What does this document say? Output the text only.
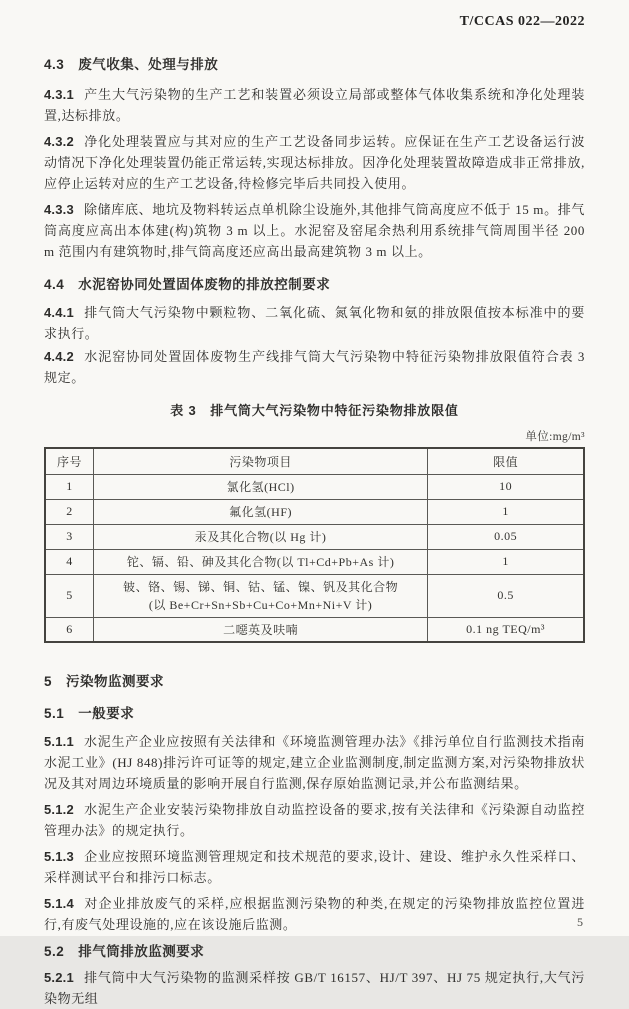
T/CCAS 022—2022
4.3 废气收集、处理与排放
4.3.1 产生大气污染物的生产工艺和装置必须设立局部或整体气体收集系统和净化处理装置,达标排放。
4.3.2 净化处理装置应与其对应的生产工艺设备同步运转。应保证在生产工艺设备运行波动情况下净化处理装置仍能正常运转,实现达标排放。因净化处理装置故障造成非正常排放,应停止运转对应的生产工艺设备,待检修完毕后共同投入使用。
4.3.3 除储库底、地坑及物料转运点单机除尘设施外,其他排气筒高度应不低于 15 m。排气筒高度应高出本体建(构)筑物 3 m 以上。水泥窑及窑尾余热利用系统排气筒周围半径 200 m 范围内有建筑物时,排气筒高度还应高出最高建筑物 3 m 以上。
4.4 水泥窑协同处置固体废物的排放控制要求
4.4.1 排气筒大气污染物中颗粒物、二氧化硫、氮氧化物和氨的排放限值按本标准中的要求执行。
4.4.2 水泥窑协同处置固体废物生产线排气筒大气污染物中特征污染物排放限值符合表 3 规定。
表 3　排气筒大气污染物中特征污染物排放限值
单位:mg/m³
序号	污染物项目	限值
1	氯化氢(HCl)	10
2	氟化氢(HF)	1
3	汞及其化合物(以 Hg 计)	0.05
4	铊、镉、铅、砷及其化合物(以 Tl+Cd+Pb+As 计)	1
5	铍、铬、锡、锑、铜、钴、锰、镍、钒及其化合物
(以 Be+Cr+Sn+Sb+Cu+Co+Mn+Ni+V 计)	0.5
6	二噁英及呋喃	0.1 ng TEQ/m³
5 污染物监测要求
5.1 一般要求
5.1.1 水泥生产企业应按照有关法律和《环境监测管理办法》《排污单位自行监测技术指南水泥工业》(HJ 848)排污许可证等的规定,建立企业监测制度,制定监测方案,对污染物排放状况及其对周边环境质量的影响开展自行监测,保存原始监测记录,并公布监测结果。
5.1.2 水泥生产企业安装污染物排放自动监控设备的要求,按有关法律和《污染源自动监控管理办法》的规定执行。
5.1.3 企业应按照环境监测管理规定和技术规范的要求,设计、建设、维护永久性采样口、采样测试平台和排污口标志。
5.1.4 对企业排放废气的采样,应根据监测污染物的种类,在规定的污染物排放监控位置进行,有废气处理设施的,应在该设施后监测。
5.2 排气筒排放监测要求
5.2.1 排气筒中大气污染物的监测采样按 GB/T 16157、HJ/T 397、HJ 75 规定执行,大气污染物无组
5
